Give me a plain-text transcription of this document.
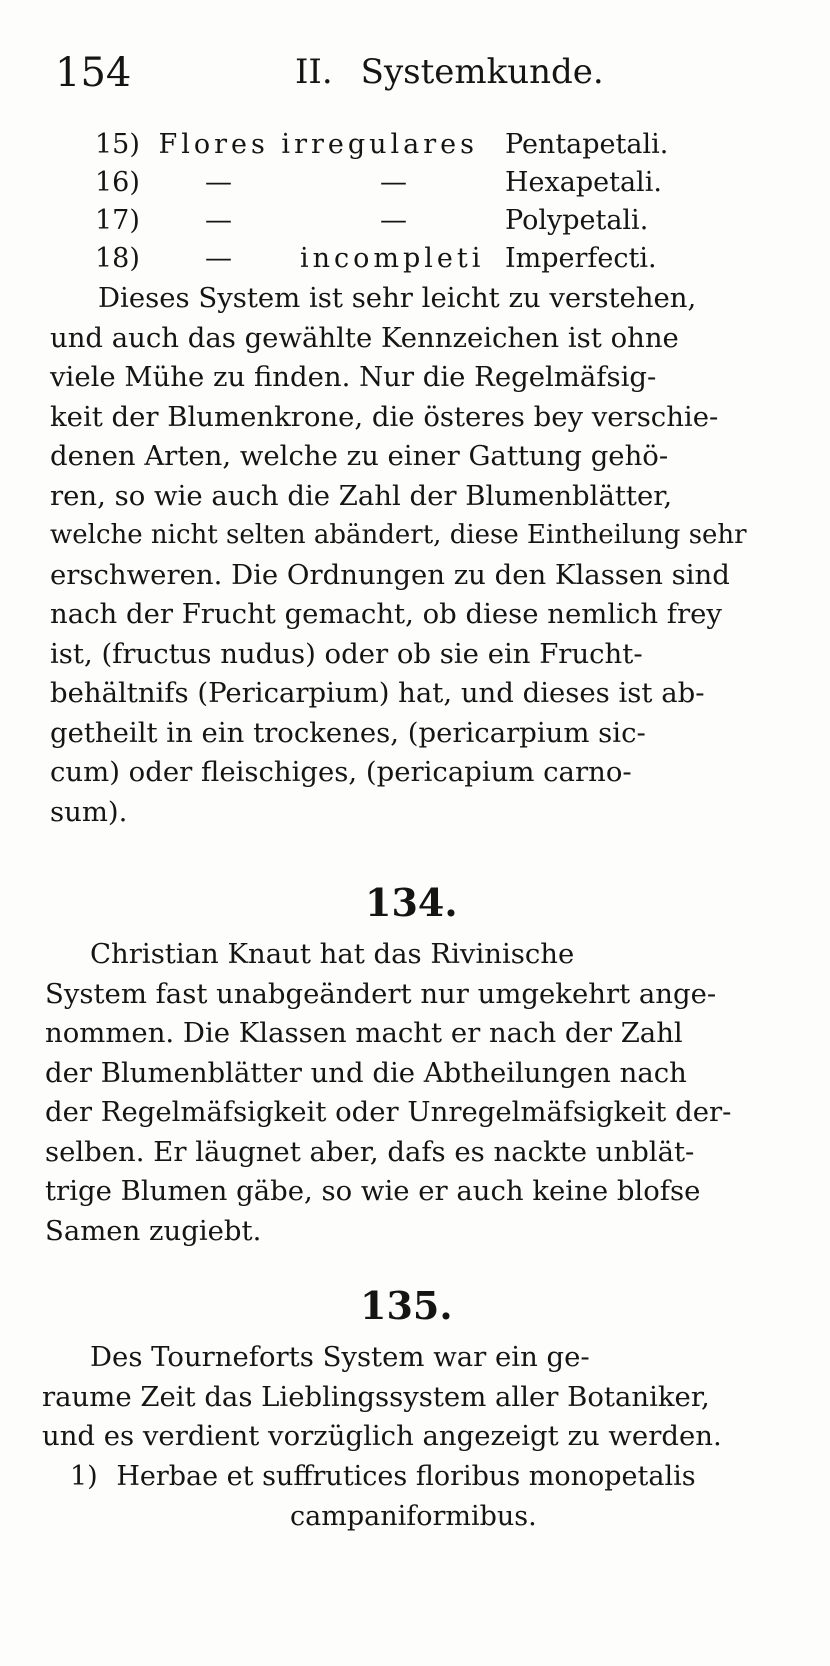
154	II. Systemkunde.
15) Flores irregulares Pentapetali.
16) —	—	Hexapetali.
17) —	—	Polypetali.
18) —	incompleti Imperfecti.

Dieses System ist sehr leicht zu verstehen,

und auch das gewählte Kennzeichen ist ohne

viele Mühe zu finden. Nur die Regelmäfsig-

keit der Blumenkrone, die österes bey verschie-

denen Arten, welche zu einer Gattung gehö-

ren, so wie auch die Zahl der Blumenblätter,

welche nicht selten abändert, diese Eintheilung sehr

erschweren. Die Ordnungen zu den Klassen sind

nach der Frucht gemacht, ob diese nemlich frey

ist, (fructus nudus) oder ob sie ein Frucht-

behältnifs (Pericarpium) hat, und dieses ist ab-

getheilt in ein trockenes, (pericarpium sic-

cum) oder fleischiges, (pericapium carno-

sum).

134.

Christian Knaut hat das Rivinische

System fast unabgeändert nur umgekehrt ange-

nommen. Die Klassen macht er nach der Zahl

der Blumenblätter und die Abtheilungen nach

der Regelmäfsigkeit oder Unregelmäfsigkeit der-

selben. Er läugnet aber, dafs es nackte unblät-

trige Blumen gäbe, so wie er auch keine blofse

Samen zugiebt.

135.

Des Tourneforts System war ein ge-

raume Zeit das Lieblingssystem aller Botaniker,

und es verdient vorzüglich angezeigt zu werden.

1) Herbae et suffrutices floribus monopetalis
campaniformibus.
